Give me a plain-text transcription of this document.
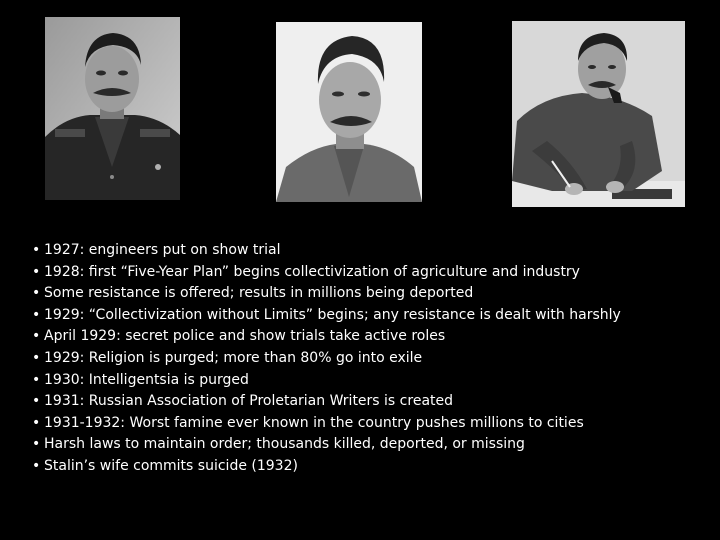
• 1927: engineers put on show trial
• 1928: first “Five-Year Plan” begins collectivization of agriculture and industry
• Some resistance is offered; results in millions being deported
• 1929: “Collectivization without Limits” begins; any resistance is dealt with harshly
• April 1929: secret police and show trials take active roles
• 1929: Religion is purged; more than 80% go into exile
• 1930: Intelligentsia is purged
• 1931: Russian Association of Proletarian Writers is created
• 1931-1932: Worst famine ever known in the country pushes millions to cities
• Harsh laws to maintain order; thousands killed, deported, or missing
• Stalin’s wife commits suicide (1932)
